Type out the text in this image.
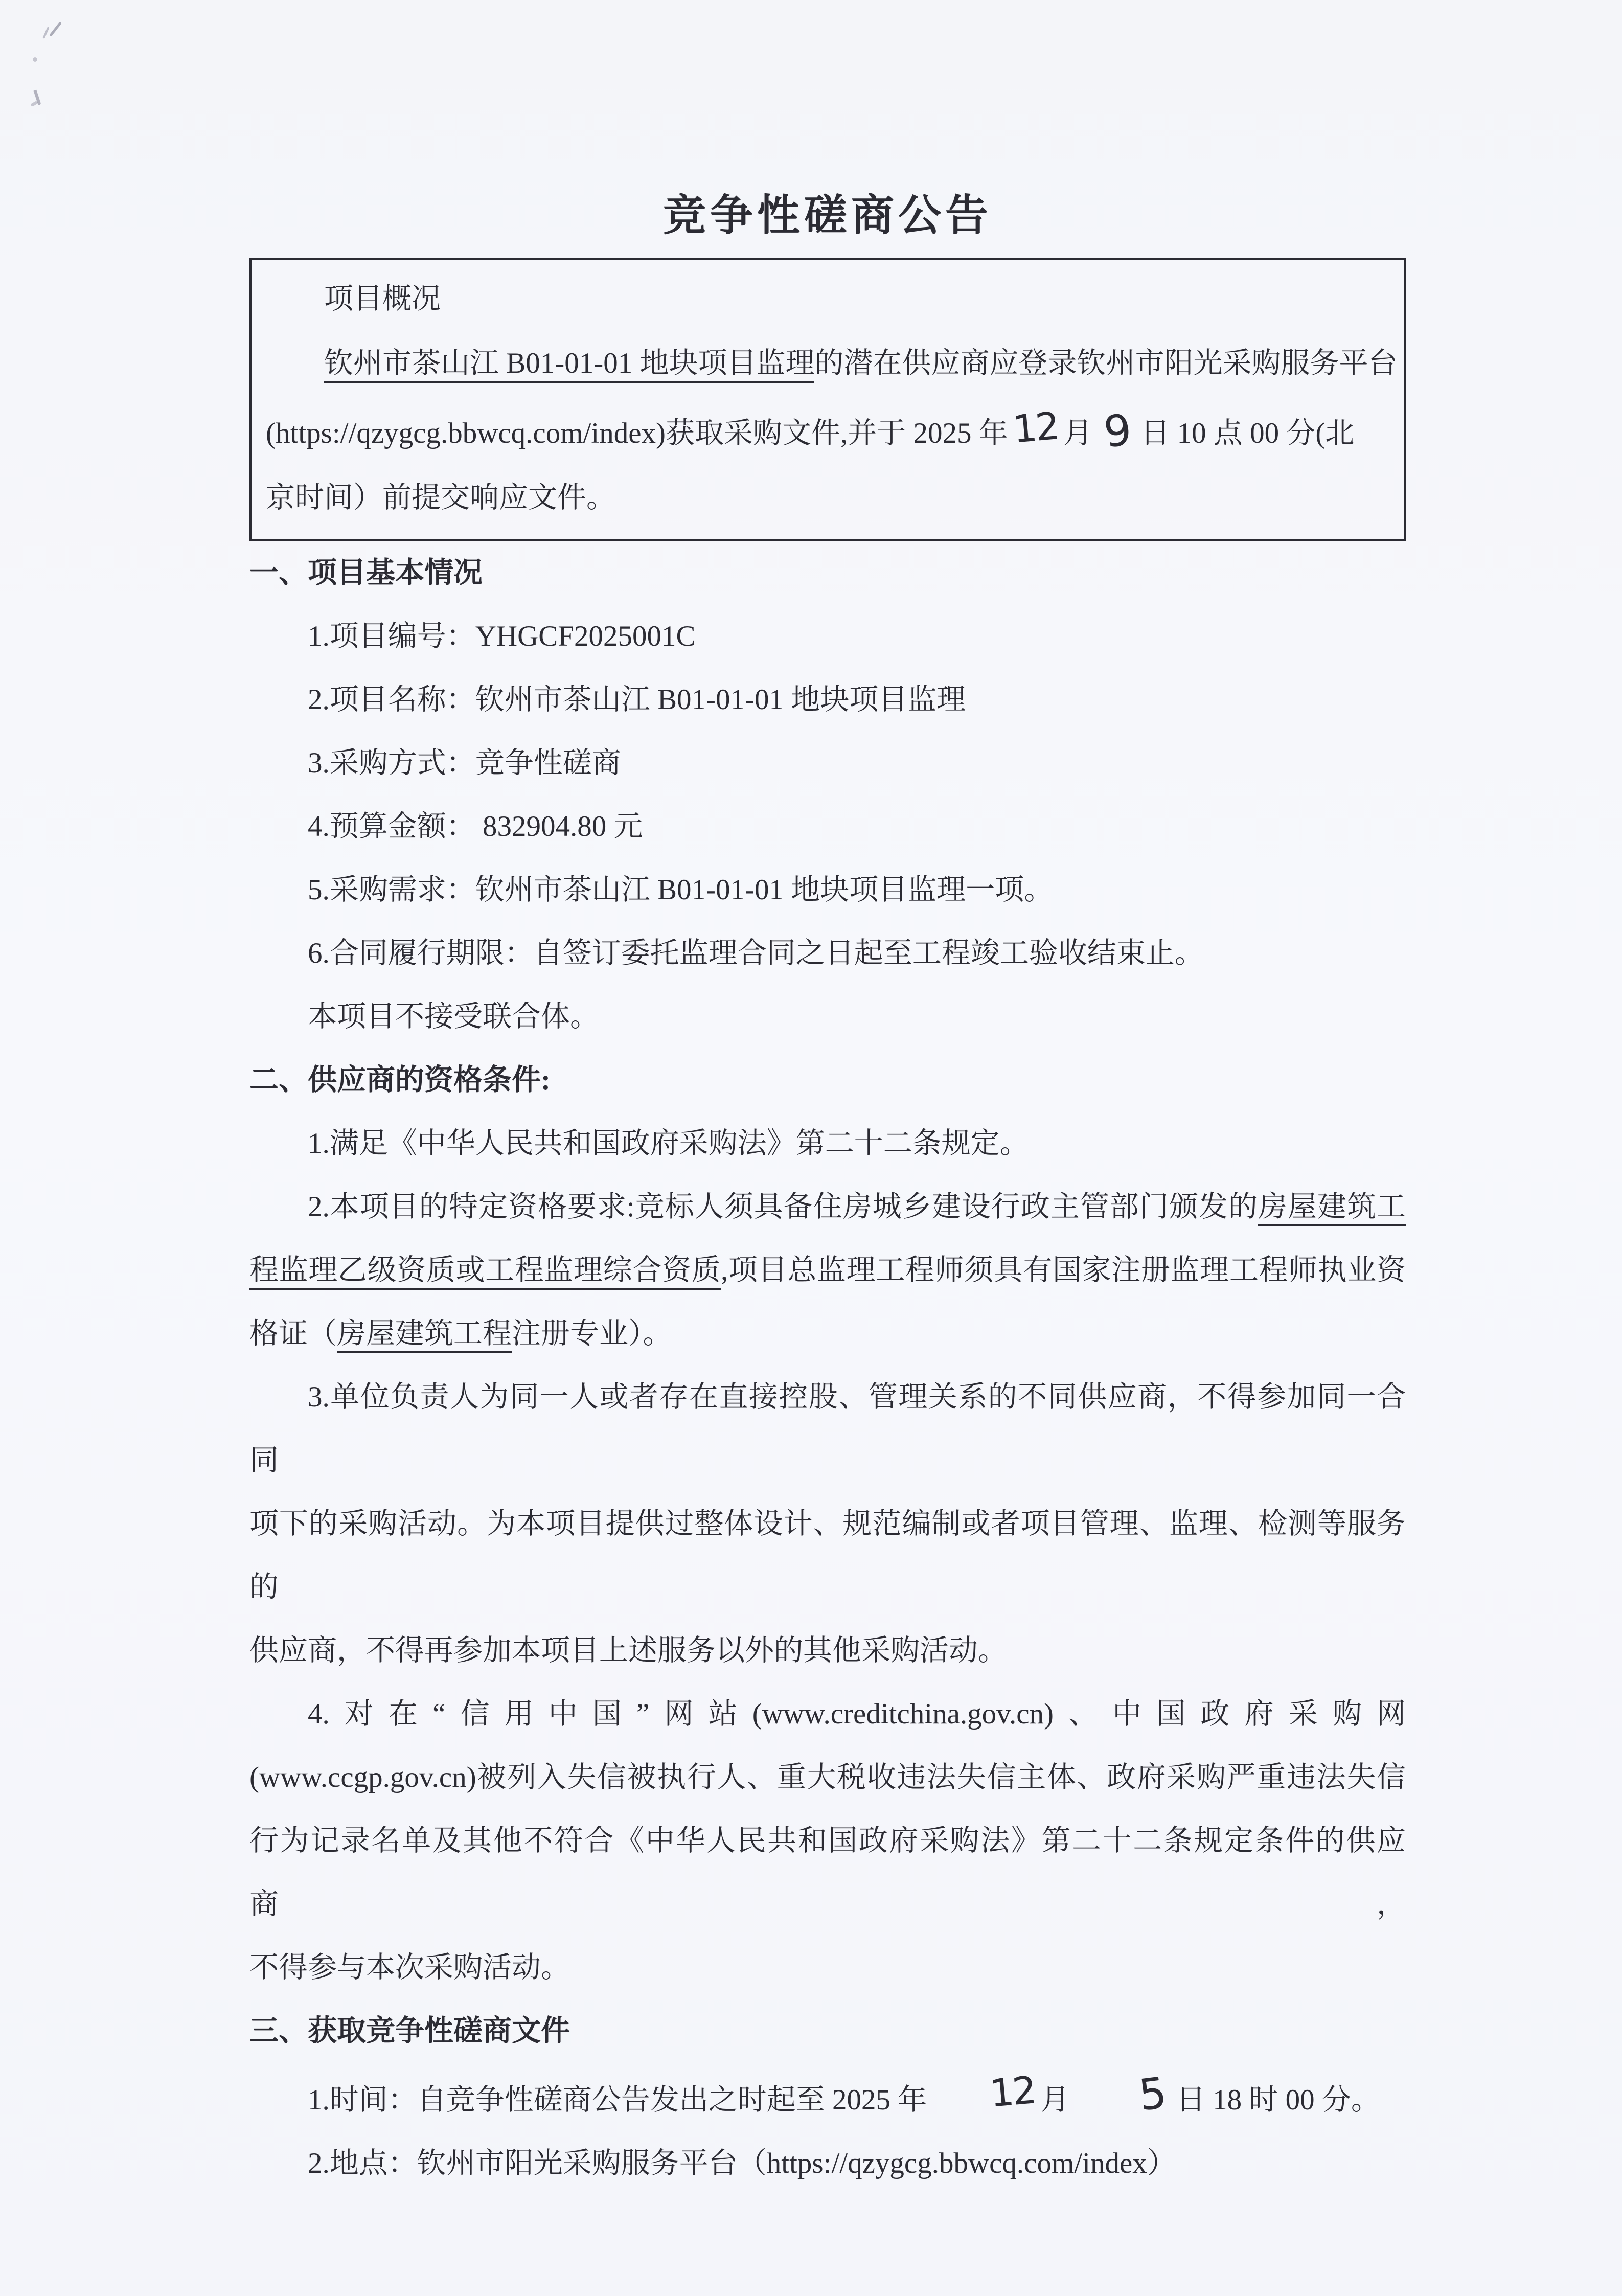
竞争性磋商公告

项目概况

钦州市茶山江 B01-01-01 地块项目监理的潜在供应商应登录钦州市阳光采购服务平台

(https://qzygcg.bbwcq.com/index)获取采购文件,并于 2025 年12 月 9 日 10 点 00 分(北

京时间）前提交响应文件。

一、项目基本情况

1.项目编号：YHGCF2025001C

2.项目名称：钦州市茶山江 B01-01-01 地块项目监理

3.采购方式：竞争性磋商

4.预算金额： 832904.80 元

5.采购需求：钦州市茶山江 B01-01-01 地块项目监理一项。

6.合同履行期限：自签订委托监理合同之日起至工程竣工验收结束止。

本项目不接受联合体。

二、供应商的资格条件:

1.满足《中华人民共和国政府采购法》第二十二条规定。

2.本项目的特定资格要求:竞标人须具备住房城乡建设行政主管部门颁发的房屋建筑工

程监理乙级资质或工程监理综合资质,项目总监理工程师须具有国家注册监理工程师执业资

格证（房屋建筑工程注册专业）。

3.单位负责人为同一人或者存在直接控股、管理关系的不同供应商，不得参加同一合同

项下的采购活动。为本项目提供过整体设计、规范编制或者项目管理、监理、检测等服务的

供应商，不得再参加本项目上述服务以外的其他采购活动。

4.对在“信用中国”网站(www.creditchina.gov.cn)、中国政府采购网

(www.ccgp.gov.cn)被列入失信被执行人、重大税收违法失信主体、政府采购严重违法失信

行为记录名单及其他不符合《中华人民共和国政府采购法》第二十二条规定条件的供应商，

不得参与本次采购活动。

三、获取竞争性磋商文件

1.时间：自竞争性磋商公告发出之时起至 2025 年 12 月 5 日 18 时 00 分。

2.地点：钦州市阳光采购服务平台（https://qzygcg.bbwcq.com/index）
